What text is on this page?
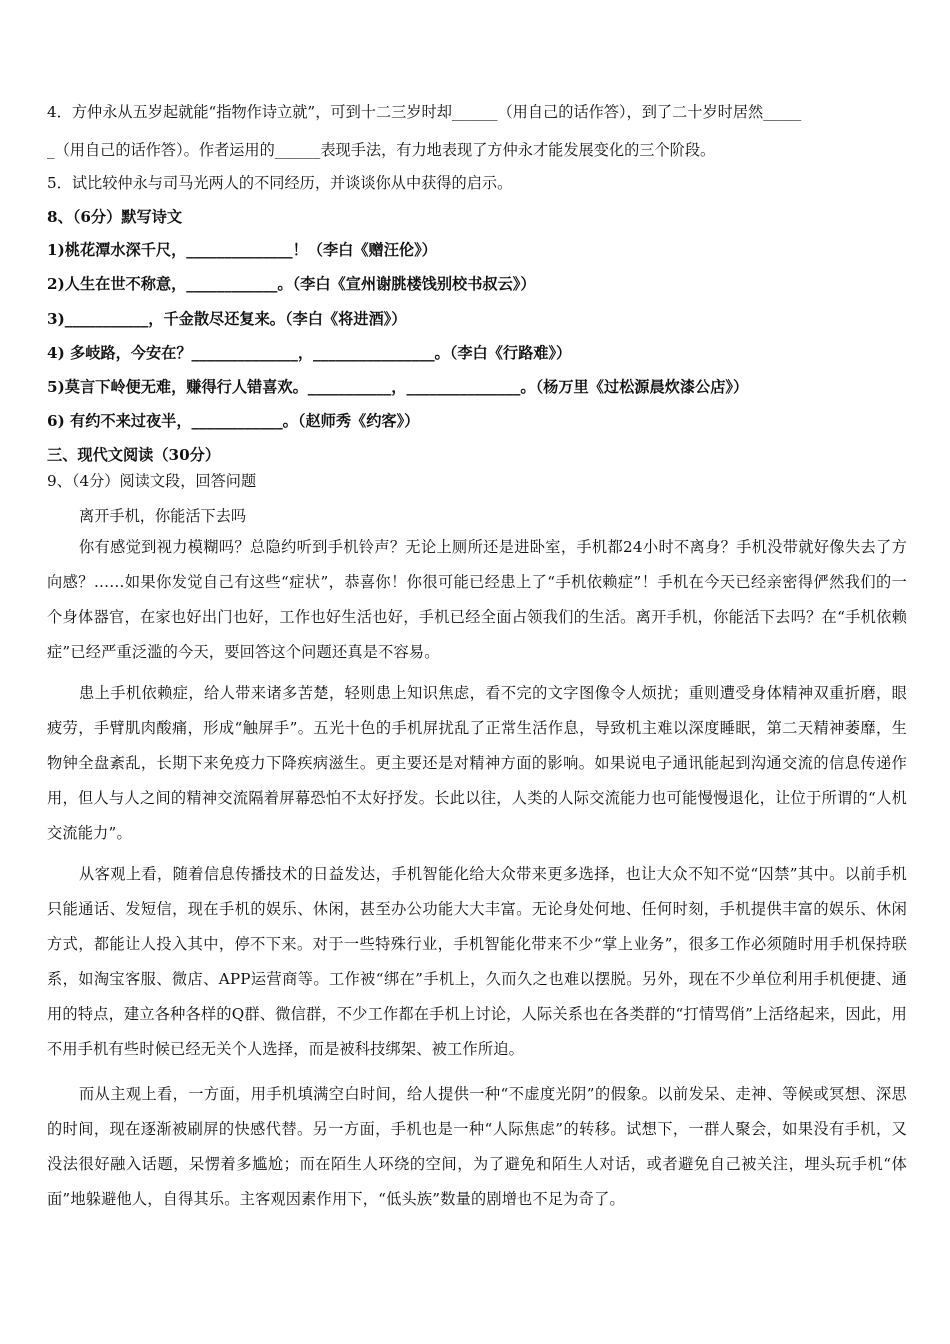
4．方仲永从五岁起就能“指物作诗立就”，可到十二三岁时却______（用自己的话作答），到了二十岁时居然_____
_（用自己的话作答）。作者运用的______表现手法，有力地表现了方仲永才能发展变化的三个阶段。
5．试比较仲永与司马光两人的不同经历，并谈谈你从中获得的启示。
8、（6分）默写诗文
1)桃花潭水深千尺，______________！（李白《赠汪伦》）
2)人生在世不称意，____________。（李白《宣州谢朓楼饯别校书叔云》）
3)___________，千金散尽还复来。（李白《将进酒》）
4) 多岐路，今安在？______________，________________。（李白《行路难》）
5)莫言下岭便无难，赚得行人错喜欢。___________，_______________。（杨万里《过松源晨炊漆公店》）
6) 有约不来过夜半，____________。（赵师秀《约客》）
三、现代文阅读（30分）
9、（4分）阅读文段，回答问题
离开手机，你能活下去吗
你有感觉到视力模糊吗？总隐约听到手机铃声？无论上厕所还是进卧室，手机都24小时不离身？手机没带就好像失去了方向感？……如果你发觉自己有这些“症状”，恭喜你！你很可能已经患上了“手机依赖症”！手机在今天已经亲密得俨然我们的一个身体器官，在家也好出门也好，工作也好生活也好，手机已经全面占领我们的生活。离开手机，你能活下去吗？在“手机依赖症”已经严重泛滥的今天，要回答这个问题还真是不容易。
患上手机依赖症，给人带来诸多苦楚，轻则患上知识焦虑，看不完的文字图像令人烦扰；重则遭受身体精神双重折磨，眼疲劳，手臂肌肉酸痛，形成“触屏手”。五光十色的手机屏扰乱了正常生活作息，导致机主难以深度睡眠，第二天精神萎靡，生物钟全盘紊乱，长期下来免疫力下降疾病滋生。更主要还是对精神方面的影响。如果说电子通讯能起到沟通交流的信息传递作用，但人与人之间的精神交流隔着屏幕恐怕不太好抒发。长此以往，人类的人际交流能力也可能慢慢退化，让位于所谓的“人机交流能力”。
从客观上看，随着信息传播技术的日益发达，手机智能化给大众带来更多选择，也让大众不知不觉“囚禁”其中。以前手机只能通话、发短信，现在手机的娱乐、休闲，甚至办公功能大大丰富。无论身处何地、任何时刻，手机提供丰富的娱乐、休闲方式，都能让人投入其中，停不下来。对于一些特殊行业，手机智能化带来不少“掌上业务”，很多工作必须随时用手机保持联系，如淘宝客服、微店、APP运营商等。工作被“绑在”手机上，久而久之也难以摆脱。另外，现在不少单位利用手机便捷、通用的特点，建立各种各样的Q群、微信群，不少工作都在手机上讨论，人际关系也在各类群的“打情骂俏”上活络起来，因此，用不用手机有些时候已经无关个人选择，而是被科技绑架、被工作所迫。
而从主观上看，一方面，用手机填满空白时间，给人提供一种“不虚度光阴”的假象。以前发呆、走神、等候或冥想、深思的时间，现在逐渐被刷屏的快感代替。另一方面，手机也是一种“人际焦虑”的转移。试想下，一群人聚会，如果没有手机，又没法很好融入话题，呆愣着多尴尬；而在陌生人环绕的空间，为了避免和陌生人对话，或者避免自己被关注，埋头玩手机“体面”地躲避他人，自得其乐。主客观因素作用下，“低头族”数量的剧增也不足为奇了。
